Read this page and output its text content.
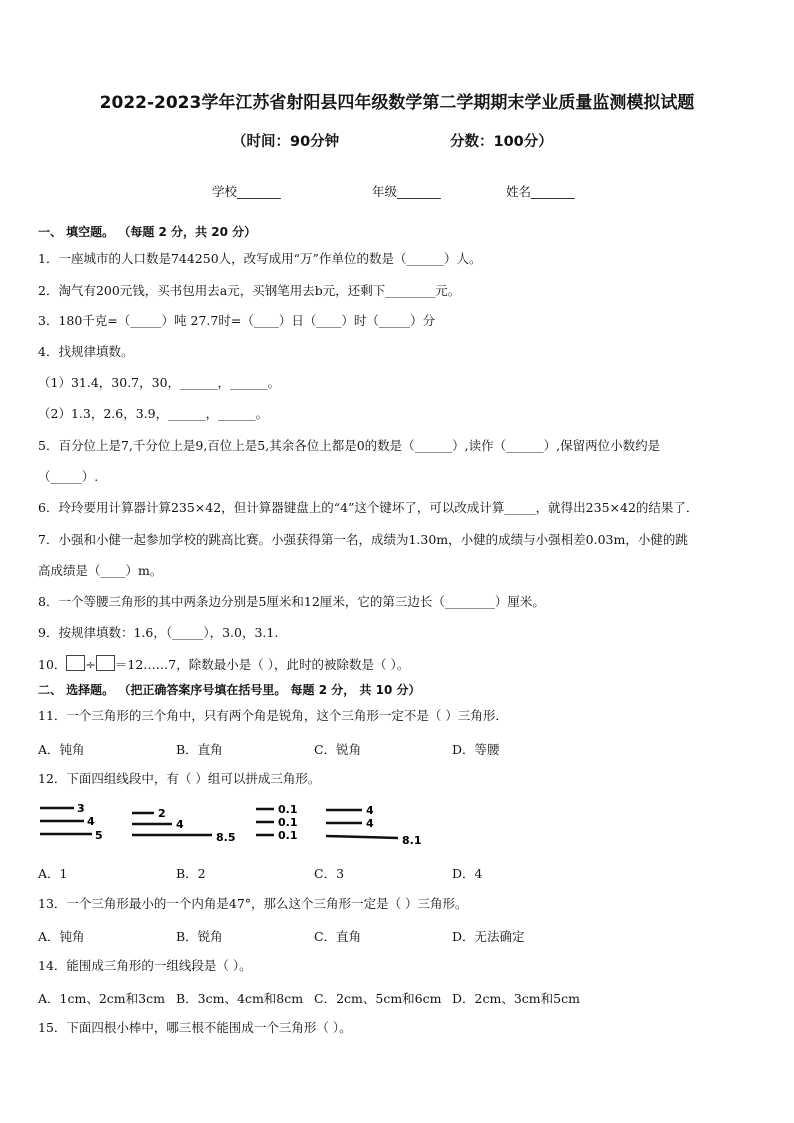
2022-2023学年江苏省射阳县四年级数学第二学期期末学业质量监测模拟试题
（时间：90分钟	分数：100分）
学校_______	年级_______	姓名_______
一、 填空题。 （每题 2 分，共 20 分）
1．一座城市的人口数是744250人，改写成用“万”作单位的数是（______）人。
2．淘气有200元钱，买书包用去a元，买钢笔用去b元，还剩下________元。
3．180千克=（_____）吨 27.7时=（____）日（____）时（_____）分
4．找规律填数。
（1）31.4，30.7，30，______，______。
（2）1.3，2.6，3.9，______，______。
5．百分位上是7,千分位上是9,百位上是5,其余各位上都是0的数是（______）,读作（______）,保留两位小数约是
（_____）.
6．玲玲要用计算器计算235×42，但计算器键盘上的“4”这个键坏了，可以改成计算_____，就得出235×42的结果了．
7．小强和小健一起参加学校的跳高比赛。小强获得第一名，成绩为1.30m，小健的成绩与小强相差0.03m，小健的跳
高成绩是（____）m。
8．一个等腰三角形的其中两条边分别是5厘米和12厘米，它的第三边长（________）厘米。
9．按规律填数：1.6，（_____），3.0，3.1.
10． ÷ ＝12……7，除数最小是（ ），此时的被除数是（ ）。
二、 选择题。 （把正确答案序号填在括号里。 每题 2 分， 共 10 分）
11．一个三角形的三个角中，只有两个角是锐角，这个三角形一定不是（ ）三角形．
A．钝角	B．直角	C．锐角	D．等腰
12．下面四组线段中，有（ ）组可以拼成三角形。
3
4
5
2
4
8.5
0.1
0.1
0.1
4
4
8.1
A．1	B．2	C．3	D．4
13．一个三角形最小的一个内角是47°，那么这个三角形一定是（ ）三角形。
A．钝角	B．锐角	C．直角	D．无法确定
14．能围成三角形的一组线段是（ ）。
A．1cm、2cm和3cm B．3cm、4cm和8cm C．2cm、5cm和6cm D．2cm、3cm和5cm
15．下面四根小棒中，哪三根不能围成一个三角形（ ）。
